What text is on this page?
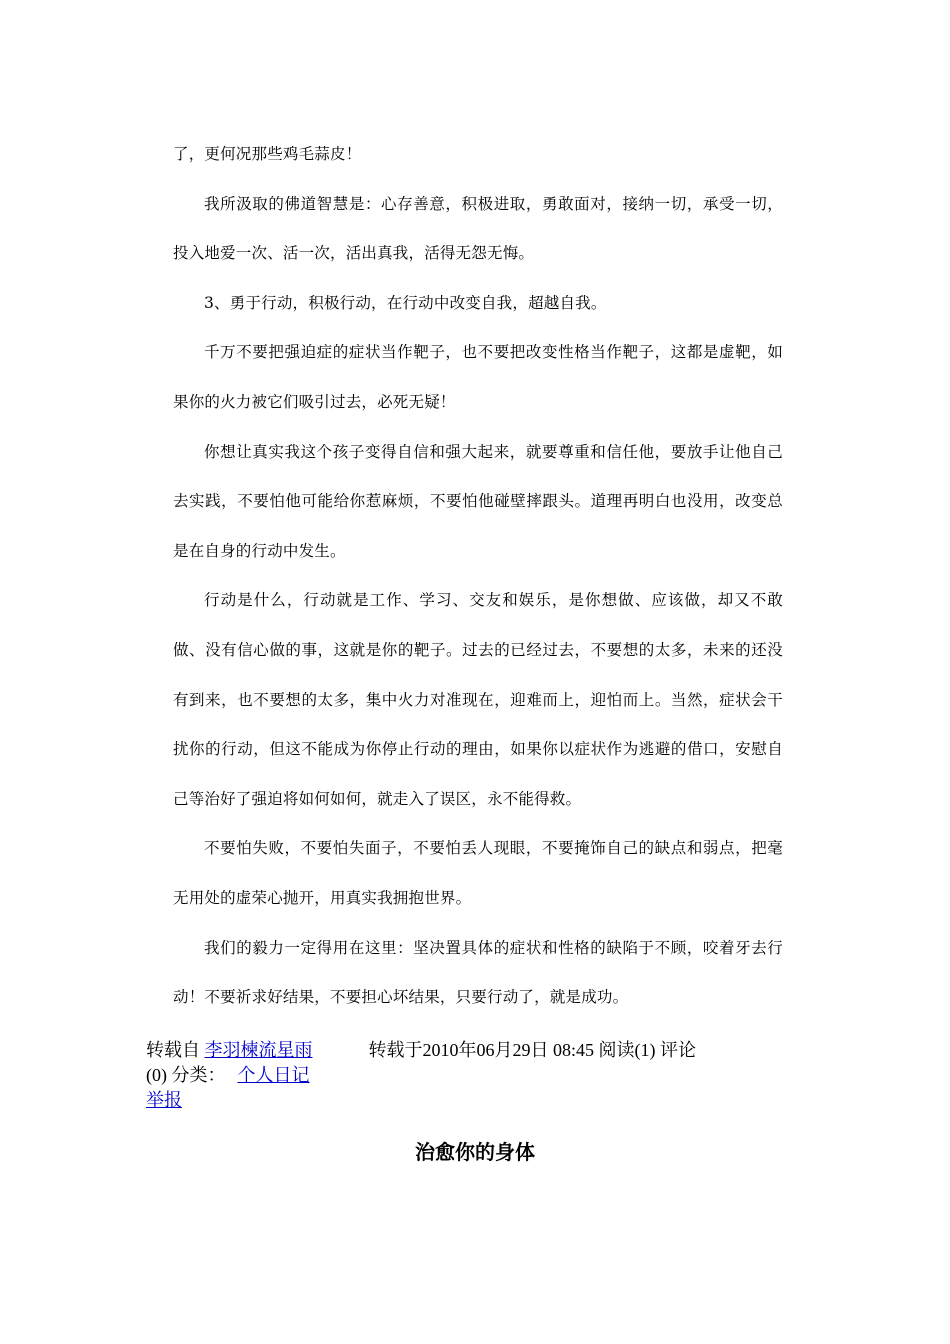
了，更何况那些鸡毛蒜皮！

我所汲取的佛道智慧是：心存善意，积极进取，勇敢面对，接纳一切，承受一切，投入地爱一次、活一次，活出真我，活得无怨无悔。

3、勇于行动，积极行动，在行动中改变自我，超越自我。

千万不要把强迫症的症状当作靶子，也不要把改变性格当作靶子，这都是虚靶，如果你的火力被它们吸引过去，必死无疑！

你想让真实我这个孩子变得自信和强大起来，就要尊重和信任他，要放手让他自己去实践，不要怕他可能给你惹麻烦，不要怕他碰壁摔跟头。道理再明白也没用，改变总是在自身的行动中发生。

行动是什么，行动就是工作、学习、交友和娱乐，是你想做、应该做，却又不敢做、没有信心做的事，这就是你的靶子。过去的已经过去，不要想的太多，未来的还没有到来，也不要想的太多，集中火力对准现在，迎难而上，迎怕而上。当然，症状会干扰你的行动，但这不能成为你停止行动的理由，如果你以症状作为逃避的借口，安慰自己等治好了强迫将如何如何，就走入了误区，永不能得救。

不要怕失败，不要怕失面子，不要怕丢人现眼，不要掩饰自己的缺点和弱点，把毫无用处的虚荣心抛开，用真实我拥抱世界。

我们的毅力一定得用在这里：坚决置具体的症状和性格的缺陷于不顾，咬着牙去行动！不要祈求好结果，不要担心坏结果，只要行动了，就是成功。

转载自 李羽楝流星雨	转载于2010年06月29日 08:45 阅读(1) 评论
(0) 分类： 个人日记
举报
治愈你的身体
